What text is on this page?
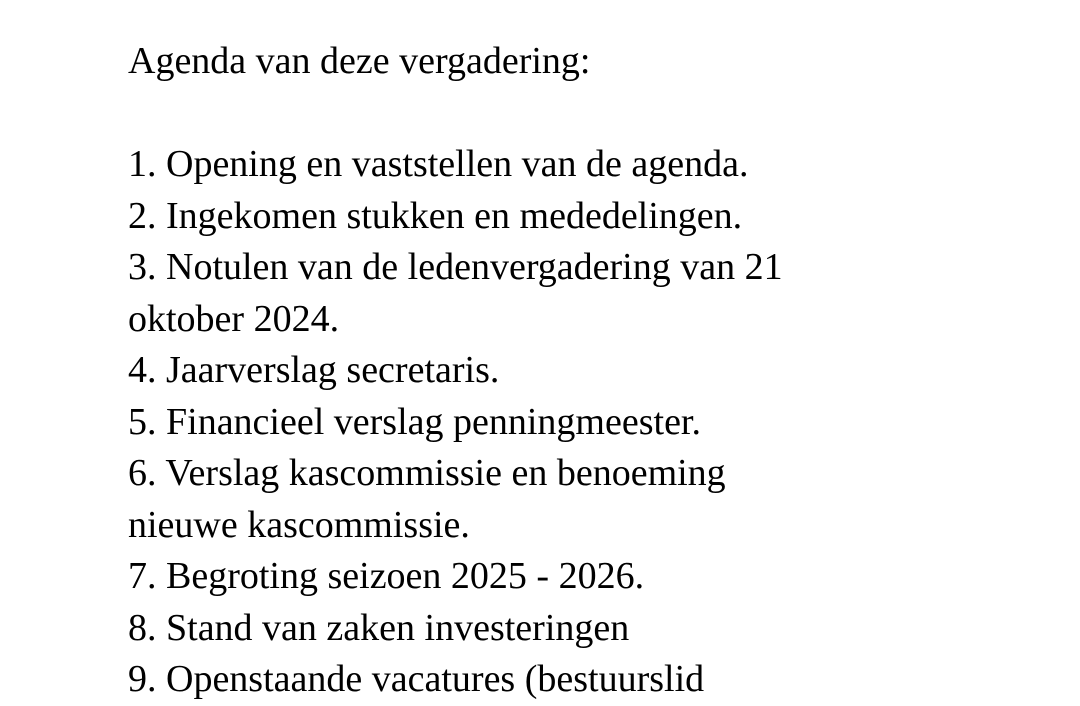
Agenda van deze vergadering:

1. Opening en vaststellen van de agenda.
2. Ingekomen stukken en mededelingen.
3. Notulen van de ledenvergadering van 21
oktober 2024.
4. Jaarverslag secretaris.
5. Financieel verslag penningmeester.
6. Verslag kascommissie en benoeming
nieuwe kascommissie.
7. Begroting seizoen 2025 - 2026.
8. Stand van zaken investeringen
9. Openstaande vacatures (bestuurslid
